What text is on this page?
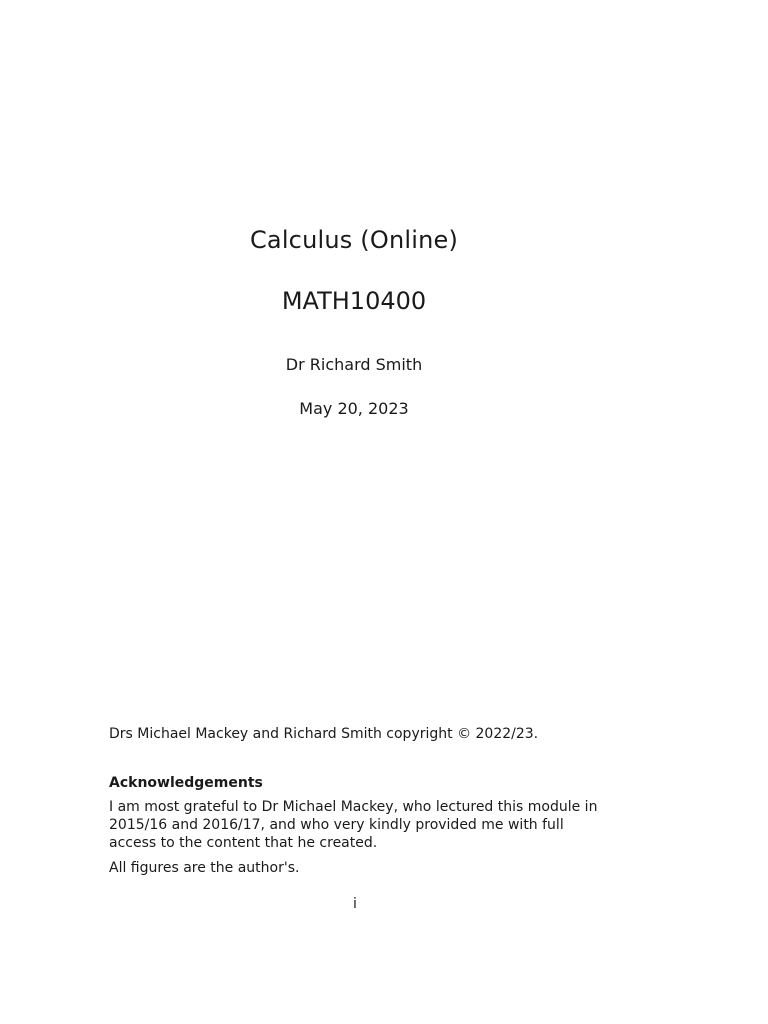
Calculus (Online)
MATH10400
Dr Richard Smith
May 20, 2023
Drs Michael Mackey and Richard Smith copyright © 2022/23.
Acknowledgements
I am most grateful to Dr Michael Mackey, who lectured this module in 2015/16 and 2016/17, and who very kindly provided me with full access to the content that he created.
All figures are the author's.
i
